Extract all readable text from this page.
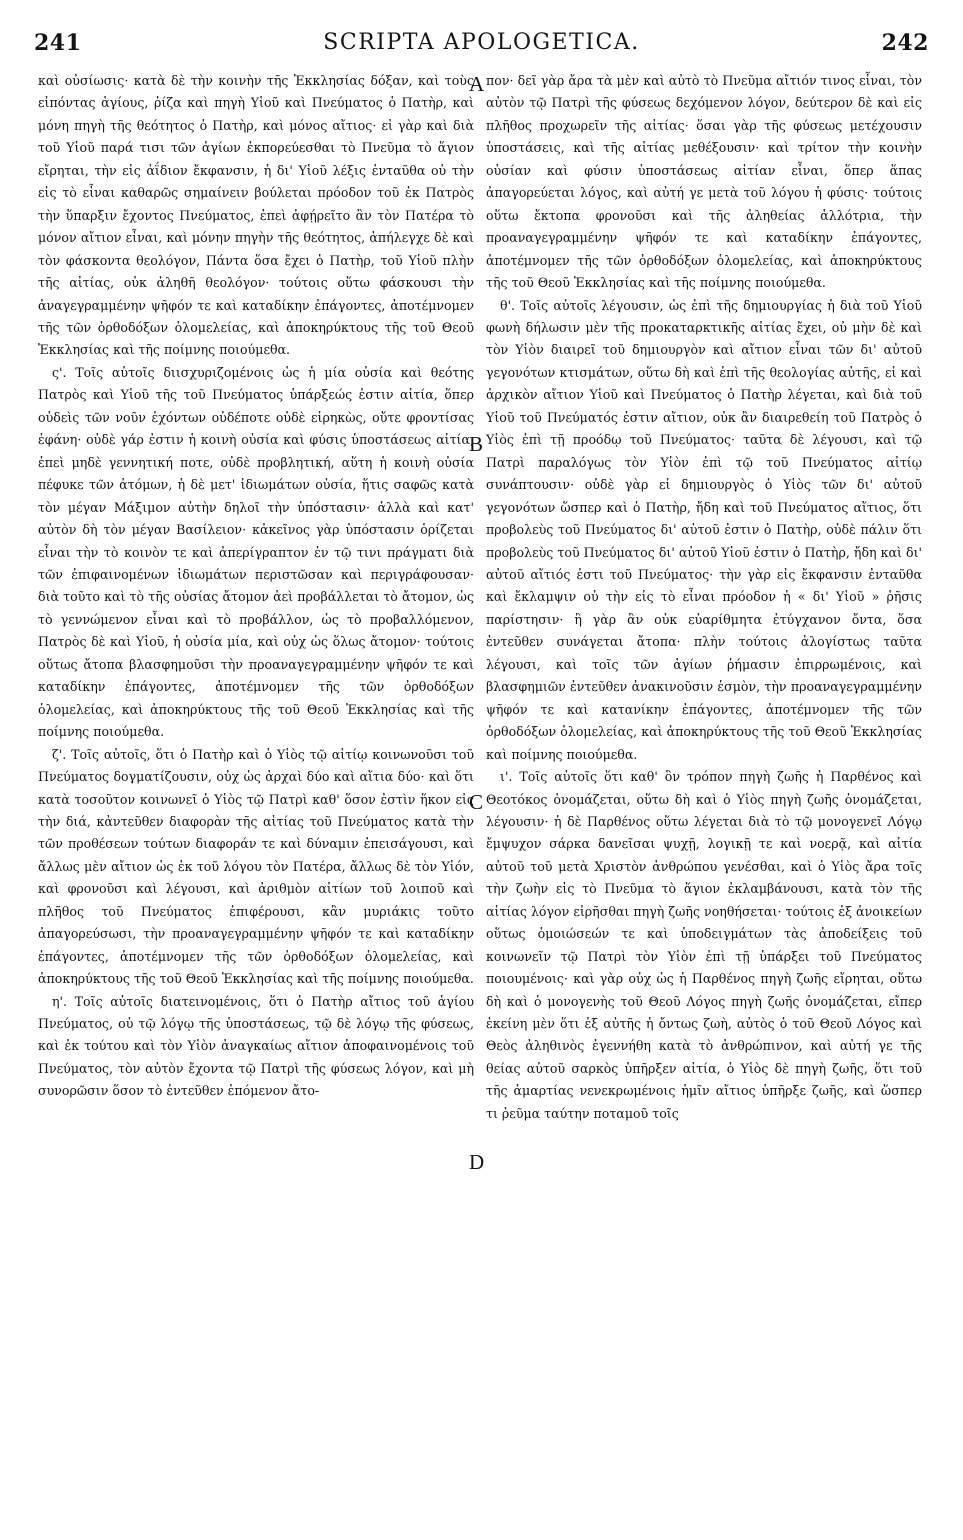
241	SCRIPTA APOLOGETICA.	242

καὶ οὐσίωσις· κατὰ δὲ τὴν κοινὴν τῆς Ἐκκλησίας δόξαν, καὶ τοὺς εἰπόντας ἁγίους, ῥίζα καὶ πηγὴ Υἱοῦ καὶ Πνεύματος ὁ Πατὴρ, καὶ μόνη πηγὴ τῆς θεότητος ὁ Πατὴρ, καὶ μόνος αἴτιος· εἰ γὰρ καὶ διὰ τοῦ Υἱοῦ παρά τισι τῶν ἁγίων ἐκπορεύεσθαι τὸ Πνεῦμα τὸ ἅγιον εἴρηται, τὴν εἰς ἀΐδιον ἔκφανσιν, ἡ δι' Υἱοῦ λέξις ἐνταῦθα οὐ τὴν εἰς τὸ εἶναι καθαρῶς σημαίνειν βούλεται πρόοδον τοῦ ἐκ Πατρὸς τὴν ὕπαρξιν ἔχοντος Πνεύματος, ἐπεὶ ἀφῄρεῖτο ἂν τὸν Πατέρα τὸ μόνον αἴτιον εἶναι, καὶ μόνην πηγὴν τῆς θεότητος, ἀπήλεγχε δὲ καὶ τὸν φάσκοντα θεολόγον, Πάντα ὅσα ἔχει ὁ Πατὴρ, τοῦ Υἱοῦ πλὴν τῆς αἰτίας, οὐκ ἀληθῆ θεολόγον· τούτοις οὕτω φάσκουσι τὴν ἀναγεγραμμένην ψῆφόν τε καὶ καταδίκην ἐπάγοντες, ἀποτέμνομεν τῆς τῶν ὀρθοδόξων ὁλομελείας, καὶ ἀποκηρύκτους τῆς τοῦ Θεοῦ Ἐκκλησίας καὶ τῆς ποίμνης ποιούμεθα.

ς'. Τοῖς αὐτοῖς διισχυριζομένοις ὡς ἡ μία οὐσία καὶ θεότης Πατρὸς καὶ Υἱοῦ τῆς τοῦ Πνεύματος ὑπάρξεώς ἐστιν αἰτία, ὅπερ οὐδεὶς τῶν νοῦν ἐχόντων οὐδέποτε οὐδὲ εἰρηκὼς, οὔτε φροντίσας ἐφάνη· οὐδὲ γάρ ἐστιν ἡ κοινὴ οὐσία καὶ φύσις ὑποστάσεως αἰτία, ἐπεὶ μηδὲ γεννητική ποτε, οὐδὲ προβλητική, αὕτη ἡ κοινὴ οὐσία πέφυκε τῶν ἀτόμων, ἡ δὲ μετ' ἰδιωμάτων οὐσία, ἥτις σαφῶς κατὰ τὸν μέγαν Μάξιμον αὐτὴν δηλοῖ τὴν ὑπόστασιν· ἀλλὰ καὶ κατ' αὐτὸν δὴ τὸν μέγαν Βασίλειον· κἀκεῖνος γὰρ ὑπόστασιν ὁρίζεται εἶναι τὴν τὸ κοινὸν τε καὶ ἀπερίγραπτον ἐν τῷ τινι πράγματι διὰ τῶν ἐπιφαινομένων ἰδιωμάτων περιστῶσαν καὶ περιγράφουσαν· διὰ τοῦτο καὶ τὸ τῆς οὐσίας ἄτομον ἀεὶ προβάλλεται τὸ ἄτομον, ὡς τὸ γεννώμενον εἶναι καὶ τὸ προβάλλον, ὡς τὸ προβαλλόμενον, Πατρὸς δὲ καὶ Υἱοῦ, ἡ οὐσία μία, καὶ οὐχ ὡς ὅλως ἄτομον· τούτοις οὕτως ἄτοπα βλασφημοῦσι τὴν προαναγεγραμμένην ψῆφόν τε καὶ καταδίκην ἐπάγοντες, ἀποτέμνομεν τῆς τῶν ὀρθοδόξων ὁλομελείας, καὶ ἀποκηρύκτους τῆς τοῦ Θεοῦ Ἐκκλησίας καὶ τῆς ποίμνης ποιούμεθα.

ζ'. Τοῖς αὐτοῖς, ὅτι ὁ Πατὴρ καὶ ὁ Υἱὸς τῷ αἰτίῳ κοινωνοῦσι τοῦ Πνεύματος δογματίζουσιν, οὐχ ὡς ἀρχαὶ δύο καὶ αἴτια δύο· καὶ ὅτι κατὰ τοσοῦτον κοινωνεῖ ὁ Υἱὸς τῷ Πατρὶ καθ' ὅσον ἐστὶν ἥκον εἰς τὴν διά, κἀντεῦθεν διαφορὰν τῆς αἰτίας τοῦ Πνεύματος κατὰ τὴν τῶν προθέσεων τούτων διαφοράν τε καὶ δύναμιν ἐπεισάγουσι, καὶ ἄλλως μὲν αἴτιον ὡς ἐκ τοῦ λόγου τὸν Πατέρα, ἄλλως δὲ τὸν Υἱόν, καὶ φρονοῦσι καὶ λέγουσι, καὶ ἀριθμὸν αἰτίων τοῦ λοιποῦ καὶ πλῆθος τοῦ Πνεύματος ἐπιφέρουσι, κἂν μυριάκις τοῦτο ἀπαγορεύσωσι, τὴν προαναγεγραμμένην ψῆφόν τε καὶ καταδίκην ἐπάγοντες, ἀποτέμνομεν τῆς τῶν ὀρθοδόξων ὁλομελείας, καὶ ἀποκηρύκτους τῆς τοῦ Θεοῦ Ἐκκλησίας καὶ τῆς ποίμνης ποιούμεθα.

η'. Τοῖς αὐτοῖς διατεινομένοις, ὅτι ὁ Πατὴρ αἴτιος τοῦ ἁγίου Πνεύματος, οὐ τῷ λόγῳ τῆς ὑποστάσεως, τῷ δὲ λόγῳ τῆς φύσεως, καὶ ἐκ τούτου καὶ τὸν Υἱὸν ἀναγκαίως αἴτιον ἀποφαινομένοις τοῦ Πνεύματος, τὸν αὐτὸν ἔχοντα τῷ Πατρὶ τῆς φύσεως λόγον, καὶ μὴ συνορῶσιν ὅσον τὸ ἐντεῦθεν ἑπόμενον ἄτο-

πον· δεῖ γὰρ ἄρα τὰ μὲν καὶ αὐτὸ τὸ Πνεῦμα αἴτιόν τινος εἶναι, τὸν αὐτὸν τῷ Πατρὶ τῆς φύσεως δεχόμενον λόγον, δεύτερον δὲ καὶ εἰς πλῆθος προχωρεῖν τῆς αἰτίας· ὅσαι γὰρ τῆς φύσεως μετέχουσιν ὑποστάσεις, καὶ τῆς αἰτίας μεθέξουσιν· καὶ τρίτον τὴν κοινὴν οὐσίαν καὶ φύσιν ὑποστάσεως αἰτίαν εἶναι, ὅπερ ἅπας ἀπαγορεύεται λόγος, καὶ αὐτή γε μετὰ τοῦ λόγου ἡ φύσις· τούτοις οὕτω ἔκτοπα φρονοῦσι καὶ τῆς ἀληθείας ἀλλότρια, τὴν προαναγεγραμμένην ψῆφόν τε καὶ καταδίκην ἐπάγοντες, ἀποτέμνομεν τῆς τῶν ὀρθοδόξων ὁλομελείας, καὶ ἀποκηρύκτους τῆς τοῦ Θεοῦ Ἐκκλησίας καὶ τῆς ποίμνης ποιούμεθα.

θ'. Τοῖς αὐτοῖς λέγουσιν, ὡς ἐπὶ τῆς δημιουργίας ἡ διὰ τοῦ Υἱοῦ φωνὴ δήλωσιν μὲν τῆς προκαταρκτικῆς αἰτίας ἔχει, οὐ μὴν δὲ καὶ τὸν Υἱὸν διαιρεῖ τοῦ δημιουργὸν καὶ αἴτιον εἶναι τῶν δι' αὐτοῦ γεγονότων κτισμάτων, οὕτω δὴ καὶ ἐπὶ τῆς θεολογίας αὐτῆς, εἰ καὶ ἀρχικὸν αἴτιον Υἱοῦ καὶ Πνεύματος ὁ Πατὴρ λέγεται, καὶ διὰ τοῦ Υἱοῦ τοῦ Πνεύματός ἐστιν αἴτιον, οὐκ ἂν διαιρεθείη τοῦ Πατρὸς ὁ Υἱὸς ἐπὶ τῇ προόδῳ τοῦ Πνεύματος· ταῦτα δὲ λέγουσι, καὶ τῷ Πατρὶ παραλόγως τὸν Υἱὸν ἐπὶ τῷ τοῦ Πνεύματος αἰτίῳ συνάπτουσιν· οὐδὲ γὰρ εἰ δημιουργὸς ὁ Υἱὸς τῶν δι' αὐτοῦ γεγονότων ὥσπερ καὶ ὁ Πατὴρ, ἤδη καὶ τοῦ Πνεύματος αἴτιος, ὅτι προβολεὺς τοῦ Πνεύματος δι' αὐτοῦ ἐστιν ὁ Πατὴρ, οὐδὲ πάλιν ὅτι προβολεὺς τοῦ Πνεύματος δι' αὐτοῦ Υἱοῦ ἐστιν ὁ Πατὴρ, ἤδη καὶ δι' αὐτοῦ αἴτιός ἐστι τοῦ Πνεύματος· τὴν γὰρ εἰς ἔκφανσιν ἐνταῦθα καὶ ἔκλαμψιν οὐ τὴν εἰς τὸ εἶναι πρόοδον ἡ « δι' Υἱοῦ » ῥῆσις παρίστησιν· ἢ γὰρ ἂν οὐκ εὐαρίθμητα ἐτύγχανον ὄντα, ὅσα ἐντεῦθεν συνάγεται ἄτοπα· πλὴν τούτοις ἀλογίστως ταῦτα λέγουσι, καὶ τοῖς τῶν ἁγίων ῥήμασιν ἐπιρρωμένοις, καὶ βλασφημιῶν ἐντεῦθεν ἀνακινοῦσιν ἑσμὸν, τὴν προαναγεγραμμένην ψῆφόν τε καὶ κατανίκην ἐπάγοντες, ἀποτέμνομεν τῆς τῶν ὀρθοδόξων ὁλομελείας, καὶ ἀποκηρύκτους τῆς τοῦ Θεοῦ Ἐκκλησίας καὶ ποίμνης ποιούμεθα.

ι'. Τοῖς αὐτοῖς ὅτι καθ' ὃν τρόπον πηγὴ ζωῆς ἡ Παρθένος καὶ Θεοτόκος ὀνομάζεται, οὕτω δὴ καὶ ὁ Υἱὸς πηγὴ ζωῆς ὀνομάζεται, λέγουσιν· ἡ δὲ Παρθένος οὕτω λέγεται διὰ τὸ τῷ μονογενεῖ Λόγῳ ἔμψυχον σάρκα δανεῖσαι ψυχῇ, λογικῇ τε καὶ νοερᾷ, καὶ αἰτία αὐτοῦ τοῦ μετὰ Χριστὸν ἀνθρώπου γενέσθαι, καὶ ὁ Υἱὸς ἄρα τοῖς τὴν ζωὴν εἰς τὸ Πνεῦμα τὸ ἅγιον ἐκλαμβάνουσι, κατὰ τὸν τῆς αἰτίας λόγον εἰρῆσθαι πηγὴ ζωῆς νοηθήσεται· τούτοις ἐξ ἀνοικείων οὕτως ὁμοιώσεών τε καὶ ὑποδειγμάτων τὰς ἀποδείξεις τοῦ κοινωνεῖν τῷ Πατρὶ τὸν Υἱὸν ἐπὶ τῇ ὑπάρξει τοῦ Πνεύματος ποιουμένοις· καὶ γὰρ οὐχ ὡς ἡ Παρθένος πηγὴ ζωῆς εἴρηται, οὕτω δὴ καὶ ὁ μονογενὴς τοῦ Θεοῦ Λόγος πηγὴ ζωῆς ὀνομάζεται, εἴπερ ἐκείνη μὲν ὅτι ἐξ αὐτῆς ἡ ὄντως ζωὴ, αὐτὸς ὁ τοῦ Θεοῦ Λόγος καὶ Θεὸς ἀληθινὸς ἐγεννήθη κατὰ τὸ ἀνθρώπινον, καὶ αὐτή γε τῆς θείας αὐτοῦ σαρκὸς ὑπῆρξεν αἰτία, ὁ Υἱὸς δὲ πηγὴ ζωῆς, ὅτι τοῦ τῆς ἁμαρτίας νενεκρωμένοις ἡμῖν αἴτιος ὑπῆρξε ζωῆς, καὶ ὥσπερ τι ῥεῦμα ταύτην ποταμοῦ τοῖς

A
B
C
D
